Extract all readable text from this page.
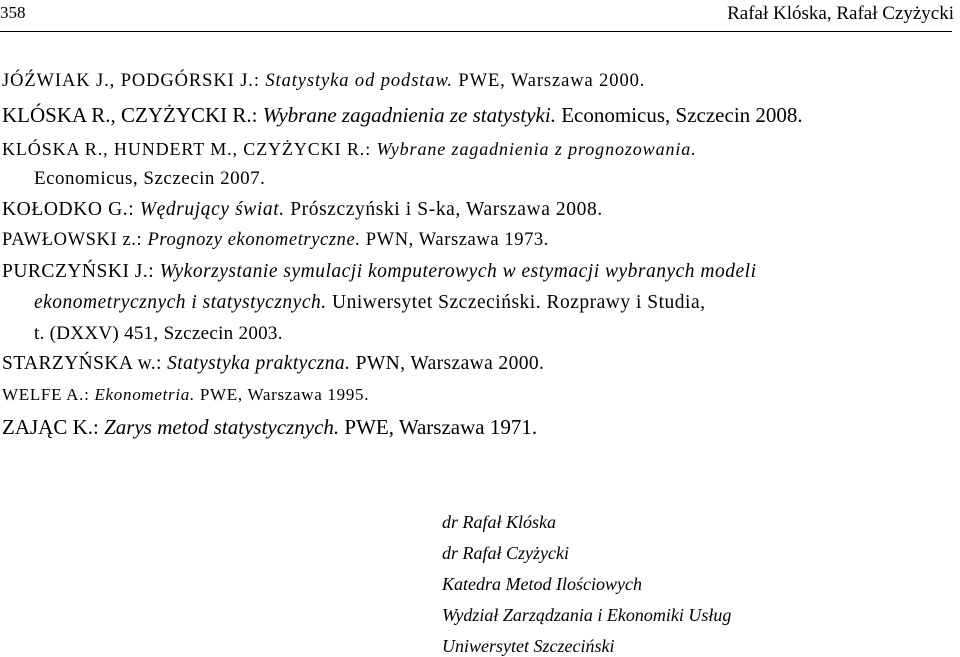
358	Rafał Klóska, Rafał Czyżycki
JÓŹWIAK J., PODGÓRSKI J.: Statystyka od podstaw. PWE, Warszawa 2000.
KLÓSKA R., CZYŻYCKI R.: Wybrane zagadnienia ze statystyki. Economicus, Szczecin 2008.
KLÓSKA R., HUNDERT M., CZYŻYCKI R.: Wybrane zagadnienia z prognozowania.
Economicus, Szczecin 2007.
KOŁODKO G.: Wędrujący świat. Prószczyński i S-ka, Warszawa 2008.
PAWŁOWSKI z.: Prognozy ekonometryczne. PWN, Warszawa 1973.
PURCZYŃSKI J.: Wykorzystanie symulacji komputerowych w estymacji wybranych modeli
ekonometrycznych i statystycznych. Uniwersytet Szczeciński. Rozprawy i Studia,
t. (DXXV) 451, Szczecin 2003.
STARZYŃSKA w.: Statystyka praktyczna. PWN, Warszawa 2000.
WELFE A.: Ekonometria. PWE, Warszawa 1995.
ZAJĄC K.: Zarys metod statystycznych. PWE, Warszawa 1971.
dr Rafał Klóska
dr Rafał Czyżycki
Katedra Metod Ilościowych
Wydział Zarządzania i Ekonomiki Usług
Uniwersytet Szczeciński
